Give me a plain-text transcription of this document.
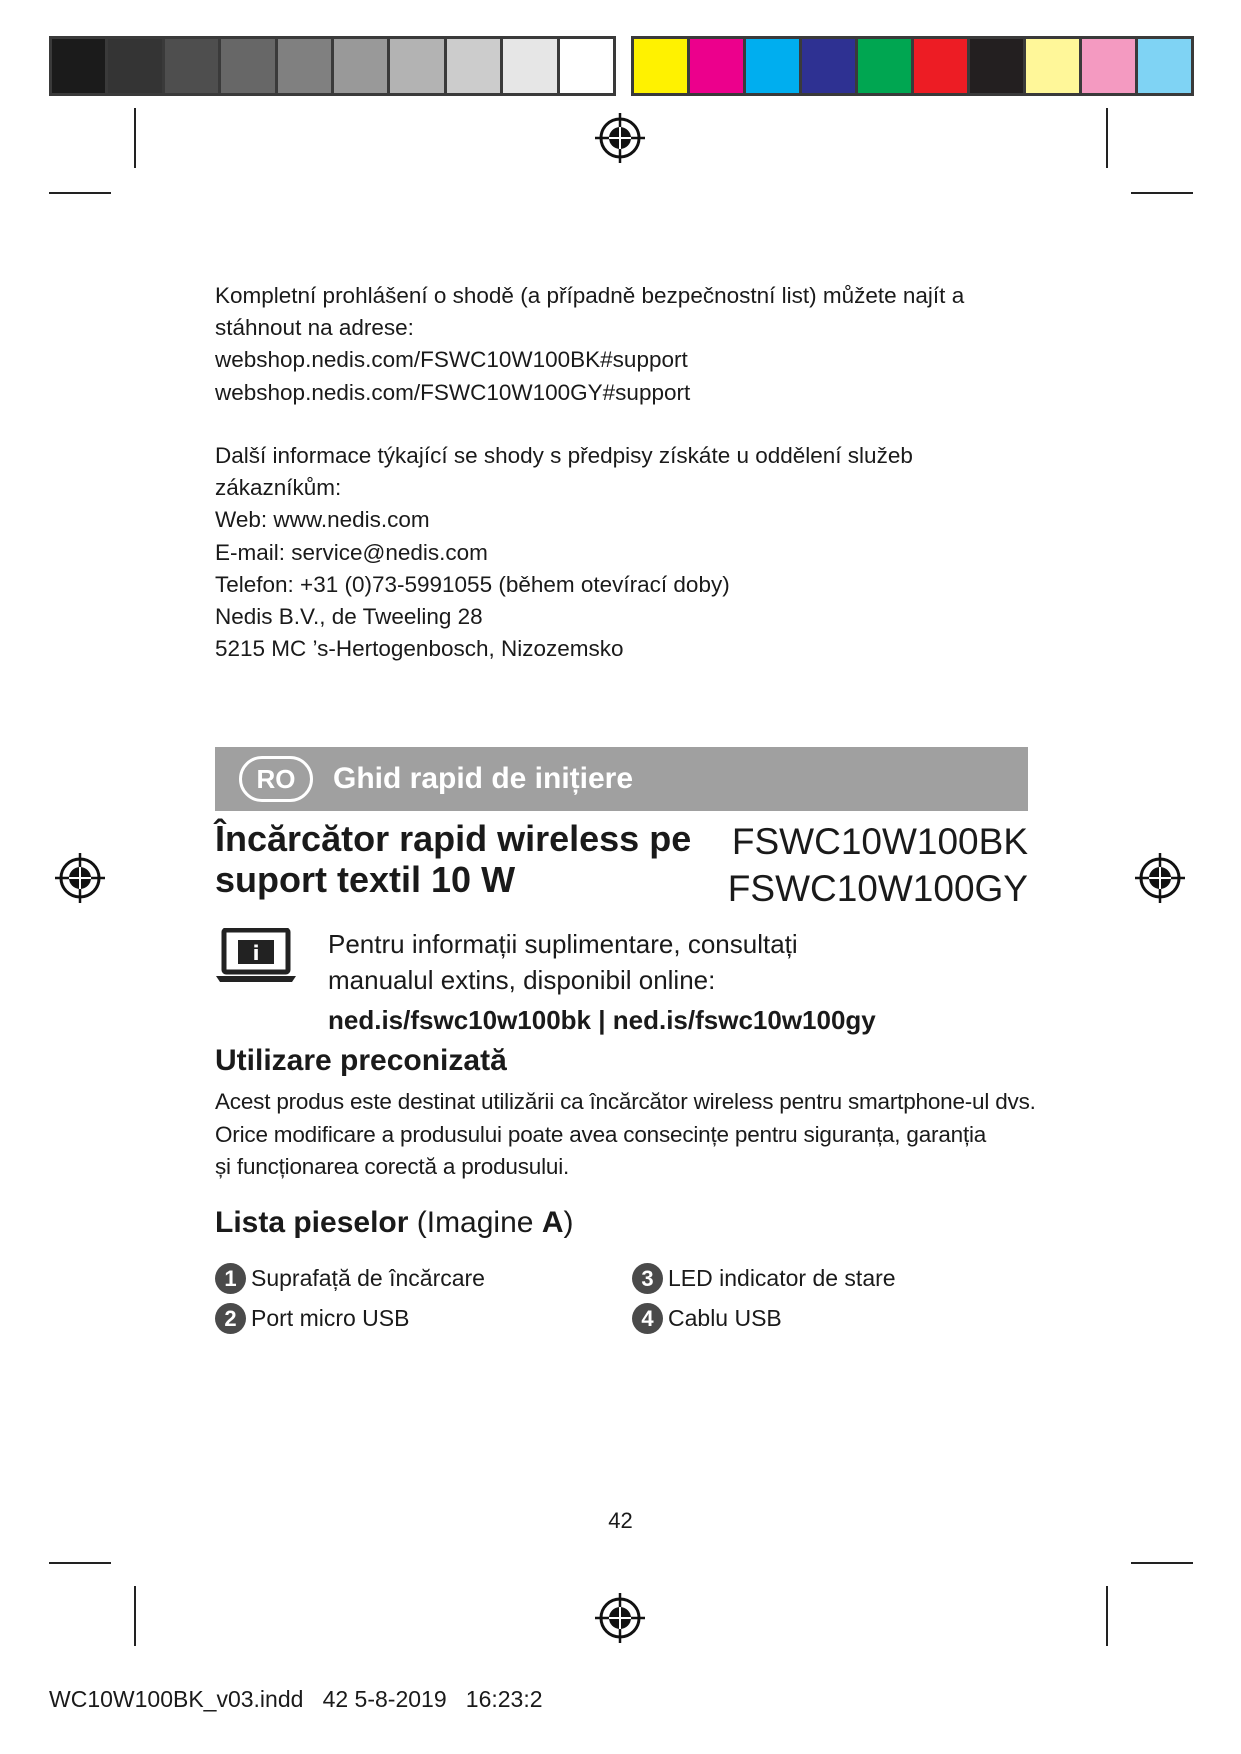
Kompletní prohlášení o shodě (a případně bezpečnostní list) můžete najít a

stáhnout na adrese:

webshop.nedis.com/FSWC10W100BK#support

webshop.nedis.com/FSWC10W100GY#support

Další informace týkající se shody s předpisy získáte u oddělení služeb

zákazníkům:

Web: www.nedis.com

E-mail: service@nedis.com

Telefon: +31 (0)73-5991055 (během otevírací doby)

Nedis B.V., de Tweeling 28

5215 MC ’s-Hertogenbosch, Nizozemsko

RO	Ghid rapid de inițiere
Încărcător rapid wireless pe
suport textil 10 W
FSWC10W100BK
FSWC10W100GY
i	Pentru informații suplimentare, consultați

manualul extins, disponibil online:

ned.is/fswc10w100bk | ned.is/fswc10w100gy

Utilizare preconizată

Acest produs este destinat utilizării ca încărcător wireless pentru smartphone-ul dvs.

Orice modificare a produsului poate avea consecințe pentru siguranța, garanția

și funcționarea corectă a produsului.

Lista pieselor (Imagine A)
1 Suprafață de încărcare
2 Port micro USB
3 LED indicator de stare
4 Cablu USB
42
WC10W100BK_v03.indd   42 5-8-2019   16:23:2
